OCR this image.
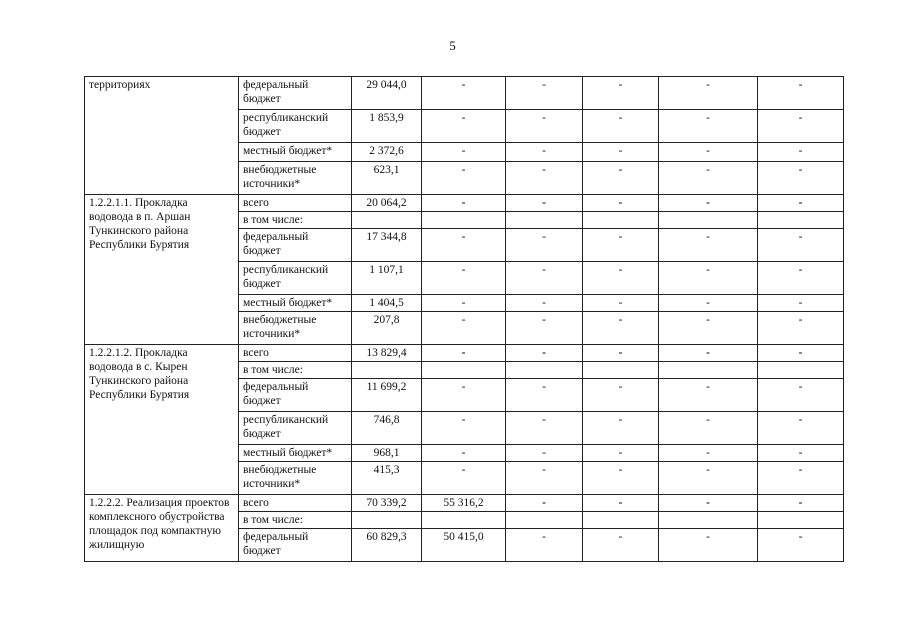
5
территориях	федеральный бюджет	29 044,0	-	-	-	-	-
	республиканский бюджет	1 853,9	-	-	-	-	-
	местный бюджет*	2 372,6	-	-	-	-	-
	внебюджетные источники*	623,1	-	-	-	-	-
1.2.2.1.1. Прокладка водовода в п. Аршан Тункинского района Республики Бурятия	всего	20 064,2	-	-	-	-	-
	в том числе:						
	федеральный бюджет	17 344,8	-	-	-	-	-
	республиканский бюджет	1 107,1	-	-	-	-	-
	местный бюджет*	1 404,5	-	-	-	-	-
	внебюджетные источники*	207,8	-	-	-	-	-
1.2.2.1.2. Прокладка водовода в с. Кырен Тункинского района Республики Бурятия	всего	13 829,4	-	-	-	-	-
	в том числе:						
	федеральный бюджет	11 699,2	-	-	-	-	-
	республиканский бюджет	746,8	-	-	-	-	-
	местный бюджет*	968,1	-	-	-	-	-
	внебюджетные источники*	415,3	-	-	-	-	-
1.2.2.2. Реализация проектов комплексного обустройства площадок под компактную жилищную	всего	70 339,2	55 316,2	-	-	-	-
	в том числе:						
	федеральный бюджет	60 829,3	50 415,0	-	-	-	-
